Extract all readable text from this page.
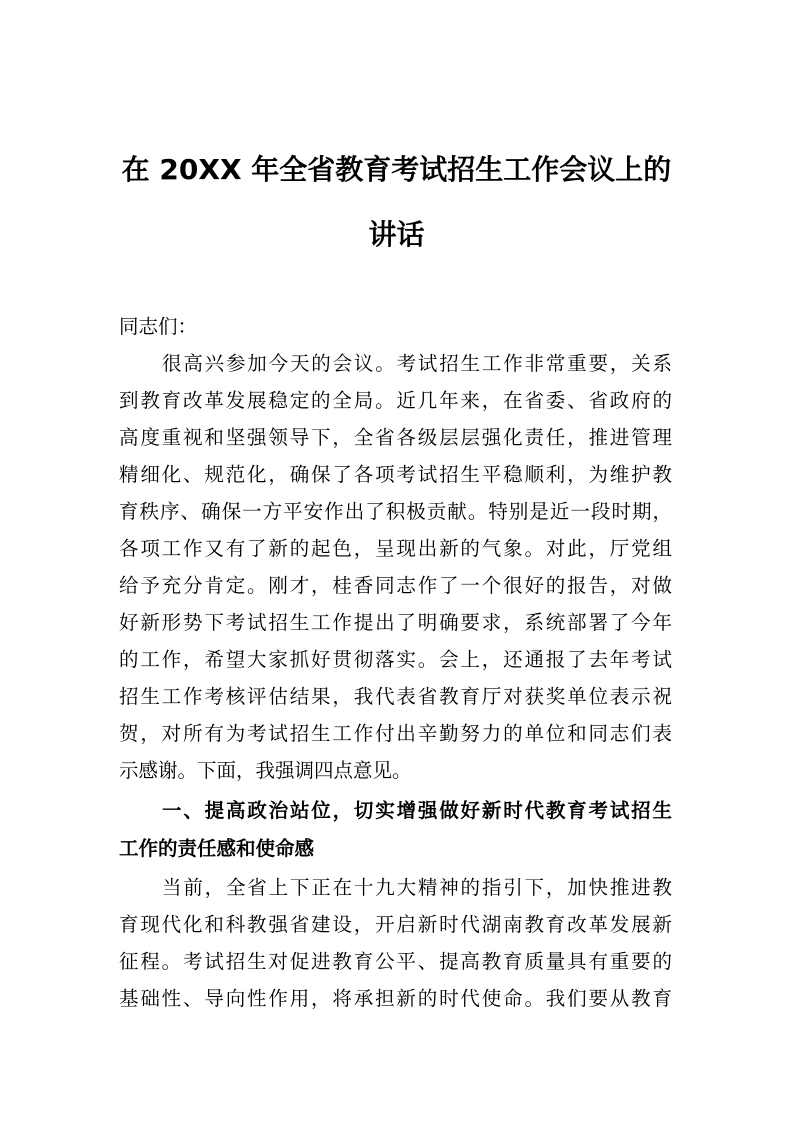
在 20XX 年全省教育考试招生工作会议上的
讲话

同志们：

很高兴参加今天的会议。考试招生工作非常重要，关系

到教育改革发展稳定的全局。近几年来，在省委、省政府的

高度重视和坚强领导下，全省各级层层强化责任，推进管理

精细化、规范化，确保了各项考试招生平稳顺利，为维护教

育秩序、确保一方平安作出了积极贡献。特别是近一段时期，

各项工作又有了新的起色，呈现出新的气象。对此，厅党组

给予充分肯定。刚才，桂香同志作了一个很好的报告，对做

好新形势下考试招生工作提出了明确要求，系统部署了今年

的工作，希望大家抓好贯彻落实。会上，还通报了去年考试

招生工作考核评估结果，我代表省教育厅对获奖单位表示祝

贺，对所有为考试招生工作付出辛勤努力的单位和同志们表

示感谢。下面，我强调四点意见。

一、提高政治站位，切实增强做好新时代教育考试招生

工作的责任感和使命感

当前，全省上下正在十九大精神的指引下，加快推进教

育现代化和科教强省建设，开启新时代湖南教育改革发展新

征程。考试招生对促进教育公平、提高教育质量具有重要的

基础性、导向性作用，将承担新的时代使命。我们要从教育
